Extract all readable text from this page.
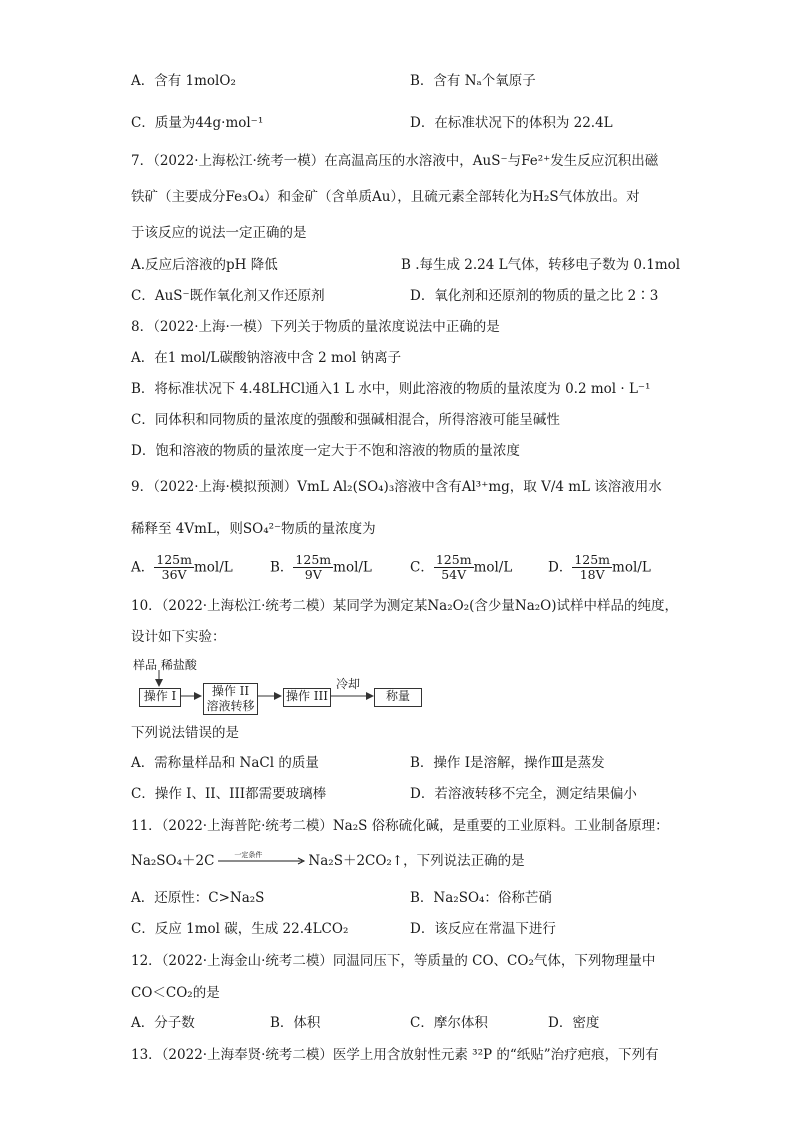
A．含有 1molO₂	B．含有 Nₐ个氧原子
C．质量为44g·mol⁻¹	D．在标准状况下的体积为 22.4L
7．（2022·上海松江·统考一模）在高温高压的水溶液中，AuS⁻与Fe²⁺发生反应沉积出磁
铁矿（主要成分Fe₃O₄）和金矿（含单质Au），且硫元素全部转化为H₂S气体放出。对
于该反应的说法一定正确的是
A.反应后溶液的pH 降低	B .每生成 2.24 L气体，转移电子数为 0.1mol
C．AuS⁻既作氧化剂又作还原剂	D．氧化剂和还原剂的物质的量之比 2∶3
8．（2022·上海·一模）下列关于物质的量浓度说法中正确的是
A．在1 mol/L碳酸钠溶液中含 2 mol 钠离子
B．将标准状况下 4.48LHCl通入1 L 水中，则此溶液的物质的量浓度为 0.2 mol · L⁻¹
C．同体积和同物质的量浓度的强酸和强碱相混合，所得溶液可能呈碱性
D．饱和溶液的物质的量浓度一定大于不饱和溶液的物质的量浓度
9．（2022·上海·模拟预测）VmL Al₂(SO₄)₃溶液中含有Al³⁺mg，取 V/4 mL 该溶液用水
稀释至 4VmL，则SO₄²⁻物质的量浓度为
A． $\frac{125m}{36V} mol/L$	B． $\frac{125m}{9V} mol/L$	C． $\frac{125m}{54V} mol/L$	D． $\frac{125m}{18V} mol/L$
10．（2022·上海松江·统考二模）某同学为测定某Na₂O₂(含少量Na₂O)试样中样品的纯度，
设计如下实验：
样品 稀盐酸
操作 I	操作 II
溶液转移
操作 III
冷却
称量
下列说法错误的是
A．需称量样品和 NaCl 的质量	B．操作 I是溶解，操作Ⅲ是蒸发
C．操作 I、II、III都需要玻璃棒	D．若溶液转移不完全，测定结果偏小
11．（2022·上海普陀·统考二模）Na₂S 俗称硫化碱，是重要的工业原料。工业制备原理：
Na₂SO₄＋2C	一定条件	Na₂S＋2CO₂↑，下列说法正确的是
A．还原性：C>Na₂S	B．Na₂SO₄：俗称芒硝
C．反应 1mol 碳，生成 22.4LCO₂	D．该反应在常温下进行
12．（2022·上海金山·统考二模）同温同压下，等质量的 CO、CO₂气体，下列物理量中
CO＜CO₂的是
A．分子数	B．体积	C．摩尔体积	D．密度
13．（2022·上海奉贤·统考二模）医学上用含放射性元素 ³²P 的“纸贴”治疗疤痕，下列有
